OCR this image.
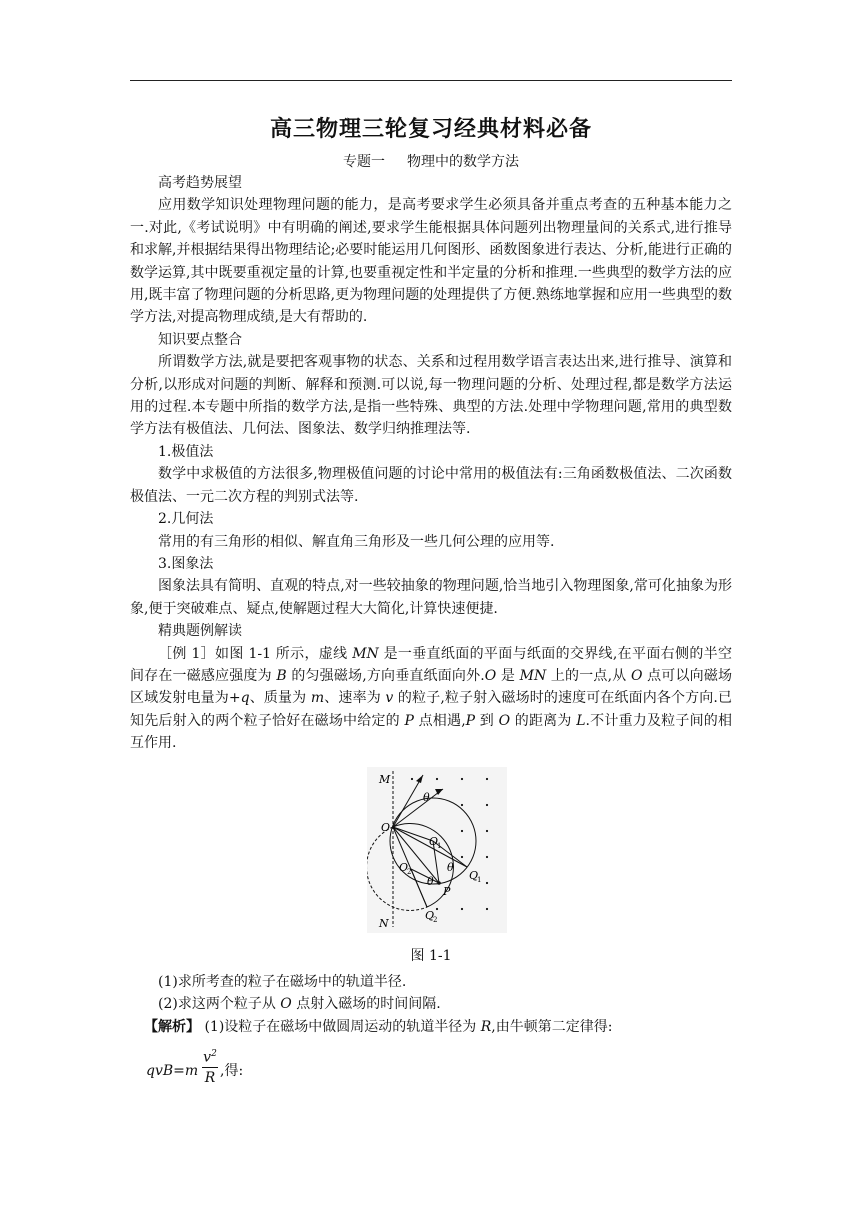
高三物理三轮复习经典材料必备
专题一 物理中的数学方法

高考趋势展望

应用数学知识处理物理问题的能力，是高考要求学生必须具备并重点考查的五种基本能力之一.对此,《考试说明》中有明确的阐述,要求学生能根据具体问题列出物理量间的关系式,进行推导和求解,并根据结果得出物理结论;必要时能运用几何图形、函数图象进行表达、分析,能进行正确的数学运算,其中既要重视定量的计算,也要重视定性和半定量的分析和推理.一些典型的数学方法的应用,既丰富了物理问题的分析思路,更为物理问题的处理提供了方便.熟练地掌握和应用一些典型的数学方法,对提高物理成绩,是大有帮助的.

知识要点整合

所谓数学方法,就是要把客观事物的状态、关系和过程用数学语言表达出来,进行推导、演算和分析,以形成对问题的判断、解释和预测.可以说,每一物理问题的分析、处理过程,都是数学方法运用的过程.本专题中所指的数学方法,是指一些特殊、典型的方法.处理中学物理问题,常用的典型数学方法有极值法、几何法、图象法、数学归纳推理法等.

1.极值法

数学中求极值的方法很多,物理极值问题的讨论中常用的极值法有:三角函数极值法、二次函数极值法、一元二次方程的判别式法等.

2.几何法

常用的有三角形的相似、解直角三角形及一些几何公理的应用等.

3.图象法

图象法具有简明、直观的特点,对一些较抽象的物理问题,恰当地引入物理图象,常可化抽象为形象,便于突破难点、疑点,使解题过程大大简化,计算快速便捷.

精典题例解读

［例 1］如图 1-1 所示，虚线 MN 是一垂直纸面的平面与纸面的交界线,在平面右侧的半空间存在一磁感应强度为 B 的匀强磁场,方向垂直纸面向外.O 是 MN 上的一点,从 O 点可以向磁场区域发射电量为+q、质量为 m、速率为 v 的粒子,粒子射入磁场时的速度可在纸面内各个方向.已知先后射入的两个粒子恰好在磁场中给定的 P 点相遇,P 到 O 的距离为 L.不计重力及粒子间的相互作用.

M
O
N
θ
O
1
O
2	θ
θ	Q
1
P
Q
2

图 1-1

(1)求所考查的粒子在磁场中的轨道半径.

(2)求这两个粒子从 O 点射入磁场的时间间隔.

【解析】 (1)设粒子在磁场中做圆周运动的轨道半径为 R,由牛顿第二定律得:

qvB=m
$v^2$
R ,得:
